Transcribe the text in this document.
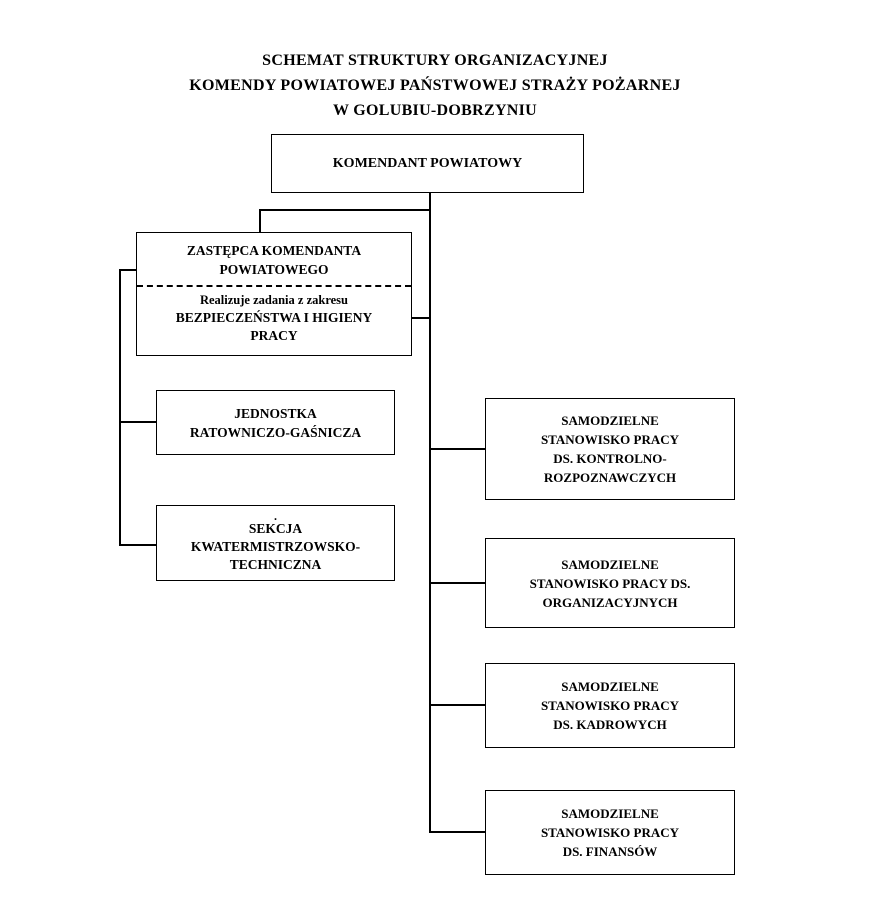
SCHEMAT STRUKTURY ORGANIZACYJNEJ
KOMENDY POWIATOWEJ PAŃSTWOWEJ STRAŻY POŻARNEJ
W GOLUBIU-DOBRZYNIU
KOMENDANT POWIATOWY
ZASTĘPCA KOMENDANTA
POWIATOWEGO
Realizuje zadania z zakresu
BEZPIECZEŃSTWA I HIGIENY
PRACY
JEDNOSTKA
RATOWNICZO-GAŚNICZA
.
SEKCJA
KWATERMISTRZOWSKO-
TECHNICZNA
SAMODZIELNE
STANOWISKO PRACY
DS. KONTROLNO-
ROZPOZNAWCZYCH
SAMODZIELNE
STANOWISKO PRACY DS.
ORGANIZACYJNYCH
SAMODZIELNE
STANOWISKO PRACY
DS. KADROWYCH
SAMODZIELNE
STANOWISKO PRACY
DS. FINANSÓW
